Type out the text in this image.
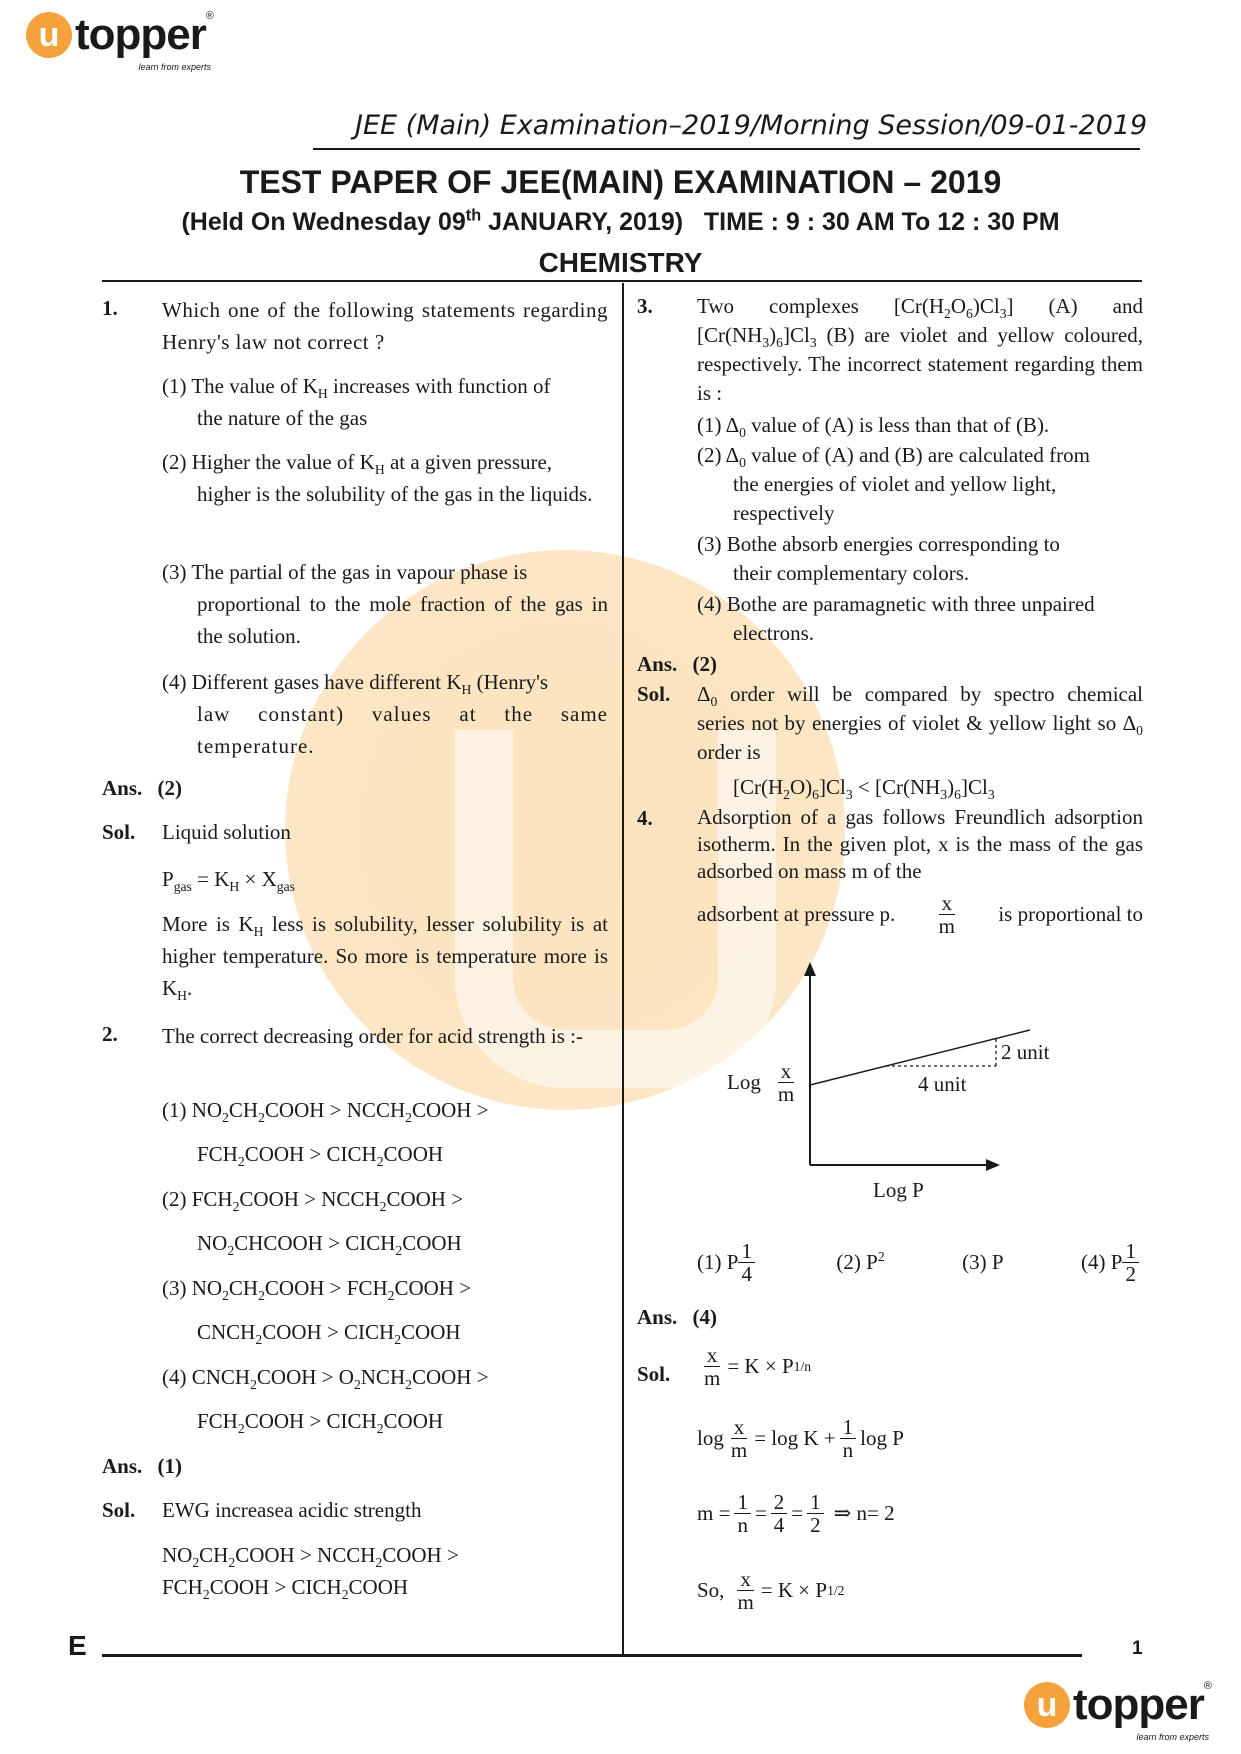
u topper®
learn from experts
JEE (Main) Examination–2019/Morning Session/09-01-2019
TEST PAPER OF JEE(MAIN) EXAMINATION – 2019
(Held On Wednesday 09th JANUARY, 2019)   TIME : 9 : 30 AM To 12 : 30 PM
CHEMISTRY
1. Which one of the following statements regarding Henry's law not correct ?
(1) The value of $K_H$ increases with function of
the nature of the gas
(2) Higher the value of $K_H$ at a given pressure,
higher is the solubility of the gas in the liquids.
(3) The partial of the gas in vapour phase is
proportional to the mole fraction of the gas in the solution.
(4) Different gases have different $K_H$ (Henry's
law constant) values at the same temperature.
Ans. (2)
Sol. Liquid solution
$P_{gas} = K_H \times X_{gas}$
More is $K_H$ less is solubility, lesser solubility is at higher temperature. So more is temperature more is $K_H$.
2. The correct decreasing order for acid strength is :-
(1) $NO_2CH_2COOH$ > $NCCH_2COOH$ >
$FCH_2COOH$ > $CICH_2COOH$
(2) $FCH_2COOH$ > $NCCH_2COOH$ >
$NO_2CHCOOH$ > $CICH_2COOH$
(3) $NO_2CH_2COOH$ > $FCH_2COOH$ >
$CNCH_2COOH$ > $CICH_2COOH$
(4) $CNCH_2COOH$ > $O_2NCH_2COOH$ >
$FCH_2COOH$ > $CICH_2COOH$
Ans. (1)
Sol. EWG increasea acidic strength
$NO_2CH_2COOH$ > $NCCH_2COOH$ >
$FCH_2COOH$ > $CICH_2COOH$
3. Two complexes $[Cr(H_2O_6)Cl_3]$ (A) and $[Cr(NH_3)_6]Cl_3$ (B) are violet and yellow coloured, respectively. The incorrect statement regarding them is :
(1) $\Delta_0$ value of (A) is less than that of (B).
(2) $\Delta_0$ value of (A) and (B) are calculated from
the energies of violet and yellow light, respectively
(3) Bothe absorb energies corresponding to
their complementary colors.
(4) Bothe are paramagnetic with three unpaired
electrons.
Ans. (2)
Sol. $\Delta_0$ order will be compared by spectro chemical series not by energies of violet & yellow light so $\Delta_0$ order is
$[Cr(H_2O)_6]Cl_3 < [Cr(NH_3)_6]Cl_3$
4. Adsorption of a gas follows Freundlich adsorption isotherm. In the given plot, x is the mass of the gas adsorbed on mass m of the
adsorbent at pressure p. $\frac{x}{m}$ is proportional to
Log $\frac{x}{m}$
2 unit
4 unit
Log P
(1)
P $\frac{1}{4}$	(2) $P^2$	(3) P	(4)
P $\frac{1}{2}$
Ans. (4)
Sol. $\frac{x}{m} = K \times P$ 1/n
$\log \frac{x}{m} = \log K + \frac{1}{n}$ log P
$m = \frac{1}{n} = \frac{2}{4} = \frac{1}{2}$ ⇒ n= 2
So, $\frac{x}{m} = K \times P$ 1/2
E	1
u topper®
learn from experts
